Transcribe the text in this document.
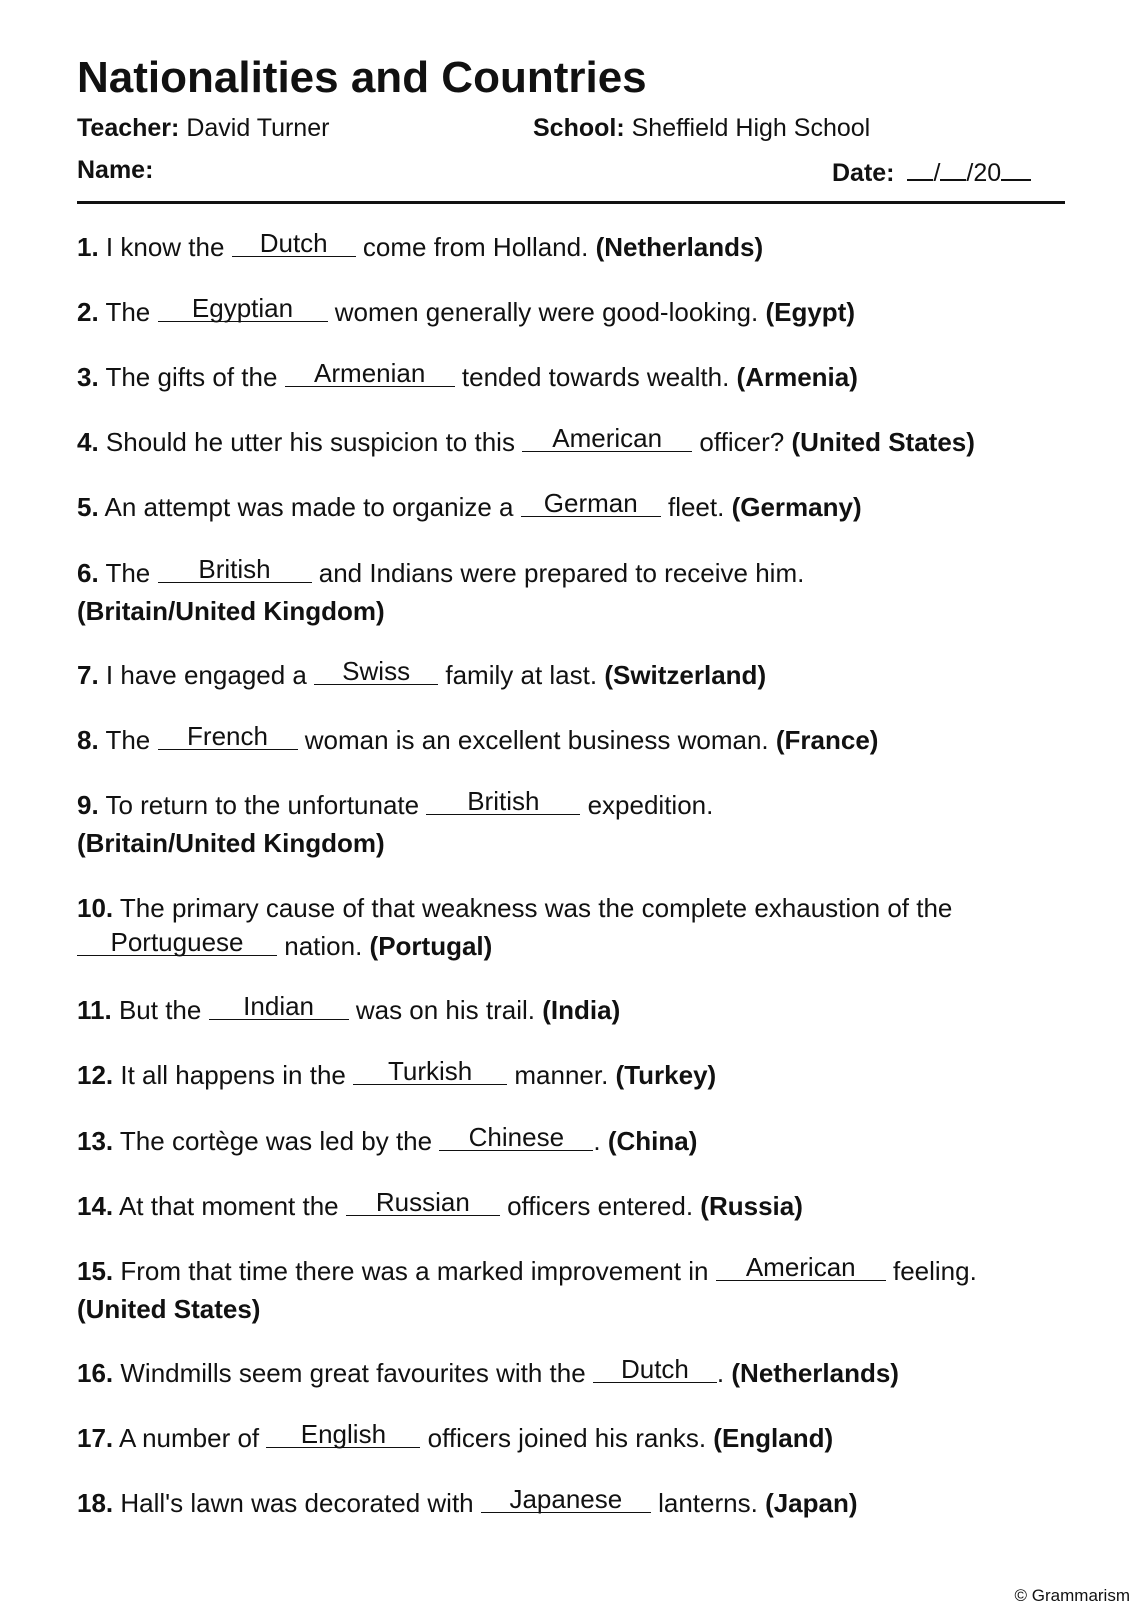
Nationalities and Countries
Teacher: David Turner	School: Sheffield High School
Name:	Date: / /20
1. I know the Dutch come from Holland. (Netherlands)
2. The Egyptian women generally were good-looking. (Egypt)
3. The gifts of the Armenian tended towards wealth. (Armenia)
4. Should he utter his suspicion to this American officer? (United States)
5. An attempt was made to organize a German fleet. (Germany)
6. The British and Indians were prepared to receive him.
(Britain/United Kingdom)
7. I have engaged a Swiss family at last. (Switzerland)
8. The French woman is an excellent business woman. (France)
9. To return to the unfortunate British expedition.
(Britain/United Kingdom)
10. The primary cause of that weakness was the complete exhaustion of the
Portuguese nation. (Portugal)
11. But the Indian was on his trail. (India)
12. It all happens in the Turkish manner. (Turkey)
13. The cortège was led by the Chinese . (China)
14. At that moment the Russian officers entered. (Russia)
15. From that time there was a marked improvement in American feeling.
(United States)
16. Windmills seem great favourites with the Dutch . (Netherlands)
17. A number of English officers joined his ranks. (England)
18. Hall's lawn was decorated with Japanese lanterns. (Japan)
© Grammarism
